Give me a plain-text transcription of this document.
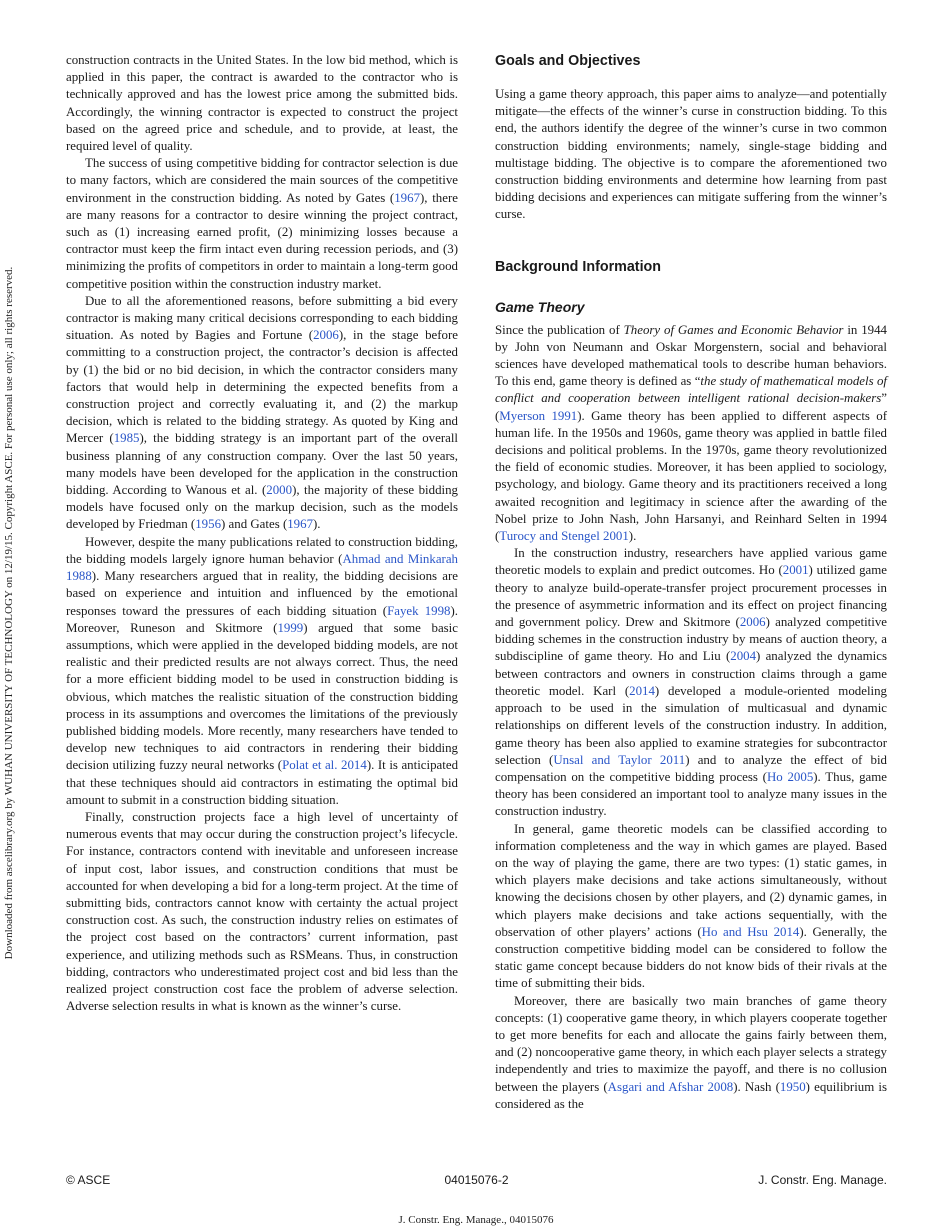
Downloaded from ascelibrary.org by WUHAN UNIVERSITY OF TECHNOLOGY on 12/19/15. Copyright ASCE. For personal use only; all rights reserved.

construction contracts in the United States. In the low bid method, which is applied in this paper, the contract is awarded to the contractor who is technically approved and has the lowest price among the submitted bids. Accordingly, the winning contractor is expected to construct the project based on the agreed price and schedule, and to provide, at least, the required level of quality.

The success of using competitive bidding for contractor selection is due to many factors, which are considered the main sources of the competitive environment in the construction bidding. As noted by Gates (1967), there are many reasons for a contractor to desire winning the project contract, such as (1) increasing earned profit, (2) minimizing losses because a contractor must keep the firm intact even during recession periods, and (3) minimizing the profits of competitors in order to maintain a long-term good competitive position within the construction industry market.

Due to all the aforementioned reasons, before submitting a bid every contractor is making many critical decisions corresponding to each bidding situation. As noted by Bagies and Fortune (2006), in the stage before committing to a construction project, the contractor’s decision is affected by (1) the bid or no bid decision, in which the contractor considers many factors that would help in determining the expected benefits from a construction project and correctly evaluating it, and (2) the markup decision, which is related to the bidding strategy. As quoted by King and Mercer (1985), the bidding strategy is an important part of the overall business planning of any construction company. Over the last 50 years, many models have been developed for the application in the construction bidding. According to Wanous et al. (2000), the majority of these bidding models have focused only on the markup decision, such as the models developed by Friedman (1956) and Gates (1967).

However, despite the many publications related to construction bidding, the bidding models largely ignore human behavior (Ahmad and Minkarah 1988). Many researchers argued that in reality, the bidding decisions are based on experience and intuition and influenced by the emotional responses toward the pressures of each bidding situation (Fayek 1998). Moreover, Runeson and Skitmore (1999) argued that some basic assumptions, which were applied in the developed bidding models, are not realistic and their predicted results are not always correct. Thus, the need for a more efficient bidding model to be used in construction bidding is obvious, which matches the realistic situation of the construction bidding process in its assumptions and overcomes the limitations of the previously published bidding models. More recently, many researchers have tended to develop new techniques to aid contractors in rendering their bidding decision utilizing fuzzy neural networks (Polat et al. 2014). It is anticipated that these techniques should aid contractors in estimating the optimal bid amount to submit in a construction bidding situation.

Finally, construction projects face a high level of uncertainty of numerous events that may occur during the construction project’s lifecycle. For instance, contractors contend with inevitable and unforeseen increase of input cost, labor issues, and construction conditions that must be accounted for when developing a bid for a long-term project. At the time of submitting bids, contractors cannot know with certainty the actual project construction cost. As such, the construction industry relies on estimates of the project cost based on the contractors’ current information, past experience, and utilizing methods such as RSMeans. Thus, in construction bidding, contractors who underestimated project cost and bid less than the realized project construction cost face the problem of adverse selection. Adverse selection results in what is known as the winner’s curse.

Goals and Objectives

Using a game theory approach, this paper aims to analyze—and potentially mitigate—the effects of the winner’s curse in construction bidding. To this end, the authors identify the degree of the winner’s curse in two common construction bidding environments; namely, single-stage bidding and multistage bidding. The objective is to compare the aforementioned two construction bidding environments and determine how learning from past bidding decisions and experiences can mitigate suffering from the winner’s curse.

Background Information
Game Theory

Since the publication of Theory of Games and Economic Behavior in 1944 by John von Neumann and Oskar Morgenstern, social and behavioral sciences have developed mathematical tools to describe human behaviors. To this end, game theory is defined as “the study of mathematical models of conflict and cooperation between intelligent rational decision-makers” (Myerson 1991). Game theory has been applied to different aspects of human life. In the 1950s and 1960s, game theory was applied in battle filed decisions and political problems. In the 1970s, game theory revolutionized the field of economic studies. Moreover, it has been applied to sociology, psychology, and biology. Game theory and its practitioners received a long awaited recognition and legitimacy in science after the awarding of the Nobel prize to John Nash, John Harsanyi, and Reinhard Selten in 1994 (Turocy and Stengel 2001).

In the construction industry, researchers have applied various game theoretic models to explain and predict outcomes. Ho (2001) utilized game theory to analyze build-operate-transfer project procurement processes in the presence of asymmetric information and its effect on project financing and government policy. Drew and Skitmore (2006) analyzed competitive bidding schemes in the construction industry by means of auction theory, a subdiscipline of game theory. Ho and Liu (2004) analyzed the dynamics between contractors and owners in construction claims through a game theoretic model. Karl (2014) developed a module-oriented modeling approach to be used in the simulation of multicasual and dynamic relationships on different levels of the construction industry. In addition, game theory has been also applied to examine strategies for subcontractor selection (Unsal and Taylor 2011) and to analyze the effect of bid compensation on the competitive bidding process (Ho 2005). Thus, game theory has been considered an important tool to analyze many issues in the construction industry.

In general, game theoretic models can be classified according to information completeness and the way in which games are played. Based on the way of playing the game, there are two types: (1) static games, in which players make decisions and take actions simultaneously, without knowing the decisions chosen by other players, and (2) dynamic games, in which players make decisions and take actions sequentially, with the observation of other players’ actions (Ho and Hsu 2014). Generally, the construction competitive bidding model can be considered to follow the static game concept because bidders do not know bids of their rivals at the time of submitting their bids.

Moreover, there are basically two main branches of game theory concepts: (1) cooperative game theory, in which players cooperate together to get more benefits for each and allocate the gains fairly between them, and (2) noncooperative game theory, in which each player selects a strategy independently and tries to maximize the payoff, and there is no collusion between the players (Asgari and Afshar 2008). Nash (1950) equilibrium is considered as the

© ASCE	04015076-2	J. Constr. Eng. Manage.
J. Constr. Eng. Manage., 04015076
